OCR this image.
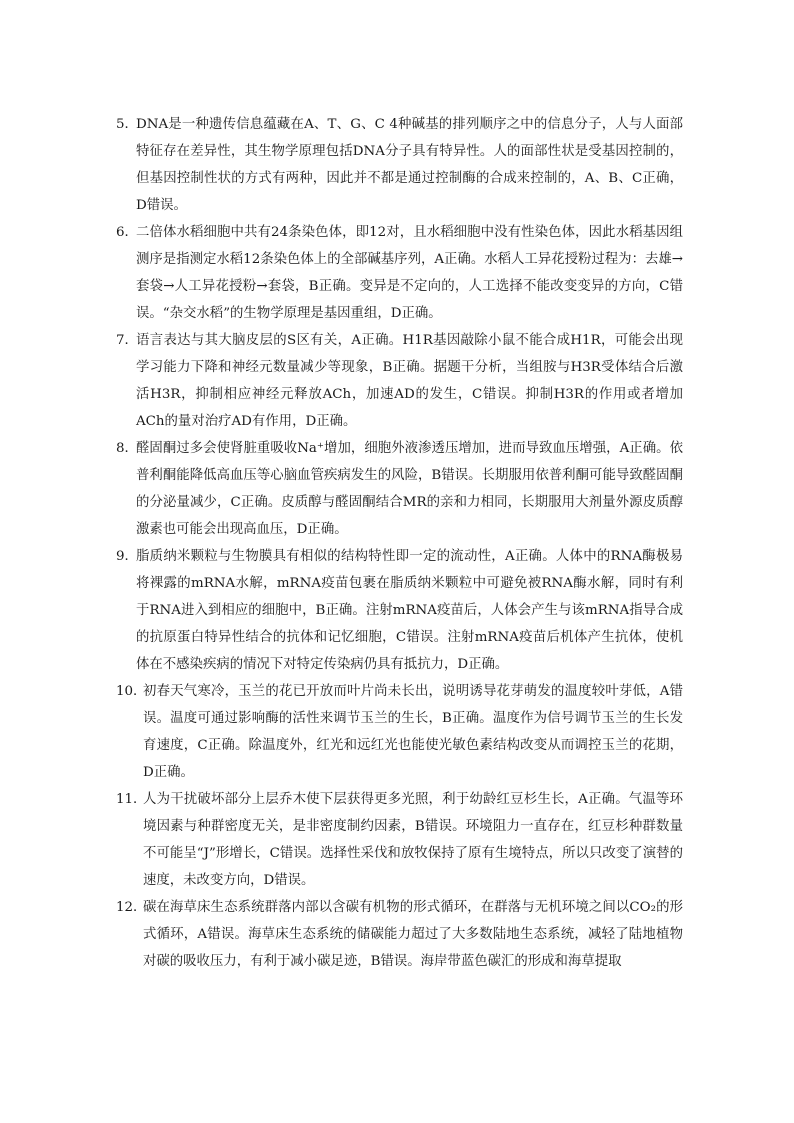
5．
DNA是一种遗传信息蕴藏在A、T、G、C 4种碱基的排列顺序之中的信息分子，人与人面部特征存在差异性，其生物学原理包括DNA分子具有特异性。人的面部性状是受基因控制的，但基因控制性状的方式有两种，因此并不都是通过控制酶的合成来控制的，A、B、C正确，D错误。
6．
二倍体水稻细胞中共有24条染色体，即12对，且水稻细胞中没有性染色体，因此水稻基因组测序是指测定水稻12条染色体上的全部碱基序列，A正确。水稻人工异花授粉过程为：去雄→套袋→人工异花授粉→套袋，B正确。变异是不定向的，人工选择不能改变变异的方向，C错误。“杂交水稻”的生物学原理是基因重组，D正确。
7．
语言表达与其大脑皮层的S区有关，A正确。H1R基因敲除小鼠不能合成H1R，可能会出现学习能力下降和神经元数量减少等现象，B正确。据题干分析，当组胺与H3R受体结合后激活H3R，抑制相应神经元释放ACh，加速AD的发生，C错误。抑制H3R的作用或者增加ACh的量对治疗AD有作用，D正确。
8．
醛固酮过多会使肾脏重吸收Na⁺增加，细胞外液渗透压增加，进而导致血压增强，A正确。依普利酮能降低高血压等心脑血管疾病发生的风险，B错误。长期服用依普利酮可能导致醛固酮的分泌量减少，C正确。皮质醇与醛固酮结合MR的亲和力相同，长期服用大剂量外源皮质醇激素也可能会出现高血压，D正确。
9．
脂质纳米颗粒与生物膜具有相似的结构特性即一定的流动性，A正确。人体中的RNA酶极易将裸露的mRNA水解，mRNA疫苗包裹在脂质纳米颗粒中可避免被RNA酶水解，同时有利于RNA进入到相应的细胞中，B正确。注射mRNA疫苗后，人体会产生与该mRNA指导合成的抗原蛋白特异性结合的抗体和记忆细胞，C错误。注射mRNA疫苗后机体产生抗体，使机体在不感染疾病的情况下对特定传染病仍具有抵抗力，D正确。
10．
初春天气寒冷，玉兰的花已开放而叶片尚未长出，说明诱导花芽萌发的温度较叶芽低，A错误。温度可通过影响酶的活性来调节玉兰的生长，B正确。温度作为信号调节玉兰的生长发育速度，C正确。除温度外，红光和远红光也能使光敏色素结构改变从而调控玉兰的花期，D正确。
11．
人为干扰破坏部分上层乔木使下层获得更多光照，利于幼龄红豆杉生长，A正确。气温等环境因素与种群密度无关，是非密度制约因素，B错误。环境阻力一直存在，红豆杉种群数量不可能呈“J”形增长，C错误。选择性采伐和放牧保持了原有生境特点，所以只改变了演替的速度，未改变方向，D错误。
12．
碳在海草床生态系统群落内部以含碳有机物的形式循环，在群落与无机环境之间以CO₂的形式循环，A错误。海草床生态系统的储碳能力超过了大多数陆地生态系统，减轻了陆地植物对碳的吸收压力，有利于减小碳足迹，B错误。海岸带蓝色碳汇的形成和海草提取
